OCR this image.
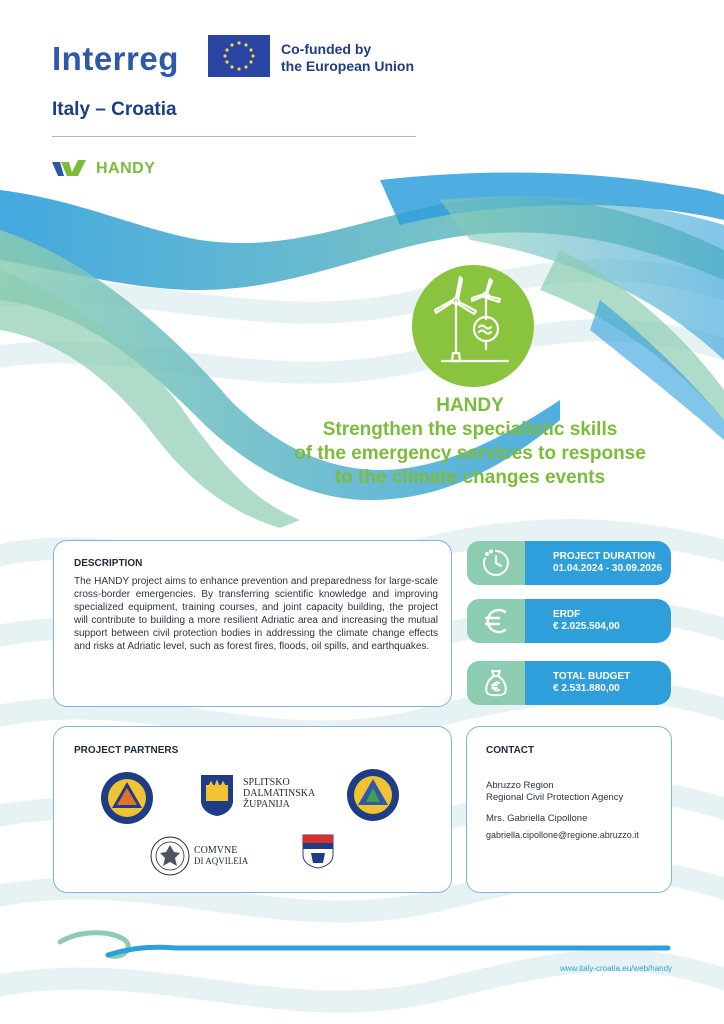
Interreg	Co-funded by
the European Union
Italy – Croatia
HANDY
HANDY
Strengthen the specialistic skills
of the emergency services to response
to the climate changes events
DESCRIPTION
The HANDY project aims to enhance prevention and preparedness for large-scale cross-border emergencies. By transferring scientific knowledge and improving specialized equipment, training courses, and joint capacity building, the project will contribute to building a more resilient Adriatic area and increasing the mutual support between civil protection bodies in addressing the climate change effects and risks at Adriatic level, such as forest fires, floods, oil spills, and earthquakes.
PROJECT DURATION
01.04.2024 - 30.09.2026
ERDF
€ 2.025.504,00
TOTAL BUDGET
€ 2.531.880,00
PROJECT PARTNERS
SPLITSKO
DALMATINSKA
ŽUPANIJA
COMVNE
DI AQVILEIA
CONTACT
Abruzzo Region
Regional Civil Protection Agency
Mrs. Gabriella Cipollone
gabriella.cipollone@regione.abruzzo.it
www.italy-croatia.eu/web/handy
